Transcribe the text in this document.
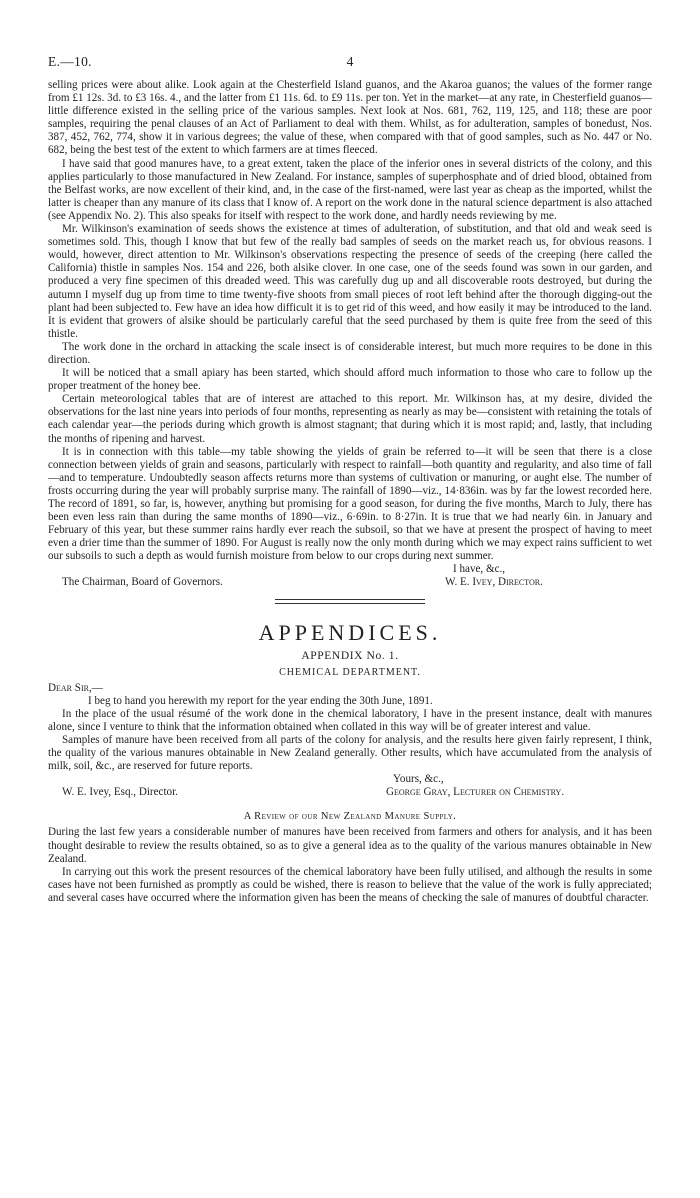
E.—10.	4

selling prices were about alike. Look again at the Chesterfield Island guanos, and the Akaroa guanos; the values of the former range from £1 12s. 3d. to £3 16s. 4., and the latter from £1 11s. 6d. to £9 11s. per ton. Yet in the market—at any rate, in Chesterfield guanos—little difference existed in the selling price of the various samples. Next look at Nos. 681, 762, 119, 125, and 118; these are poor samples, requiring the penal clauses of an Act of Parliament to deal with them. Whilst, as for adulteration, samples of bonedust, Nos. 387, 452, 762, 774, show it in various degrees; the value of these, when compared with that of good samples, such as No. 447 or No. 682, being the best test of the extent to which farmers are at times fleeced.

I have said that good manures have, to a great extent, taken the place of the inferior ones in several districts of the colony, and this applies particularly to those manufactured in New Zealand. For instance, samples of superphosphate and of dried blood, obtained from the Belfast works, are now excellent of their kind, and, in the case of the first-named, were last year as cheap as the imported, whilst the latter is cheaper than any manure of its class that I know of. A report on the work done in the natural science department is also attached (see Appendix No. 2). This also speaks for itself with respect to the work done, and hardly needs reviewing by me.

Mr. Wilkinson's examination of seeds shows the existence at times of adulteration, of substitution, and that old and weak seed is sometimes sold. This, though I know that but few of the really bad samples of seeds on the market reach us, for obvious reasons. I would, however, direct attention to Mr. Wilkinson's observations respecting the presence of seeds of the creeping (here called the California) thistle in samples Nos. 154 and 226, both alsike clover. In one case, one of the seeds found was sown in our garden, and produced a very fine specimen of this dreaded weed. This was carefully dug up and all discoverable roots destroyed, but during the autumn I myself dug up from time to time twenty-five shoots from small pieces of root left behind after the thorough digging-out the plant had been subjected to. Few have an idea how difficult it is to get rid of this weed, and how easily it may be introduced to the land. It is evident that growers of alsike should be particularly careful that the seed purchased by them is quite free from the seed of this thistle.

The work done in the orchard in attacking the scale insect is of considerable interest, but much more requires to be done in this direction.

It will be noticed that a small apiary has been started, which should afford much information to those who care to follow up the proper treatment of the honey bee.

Certain meteorological tables that are of interest are attached to this report. Mr. Wilkinson has, at my desire, divided the observations for the last nine years into periods of four months, representing as nearly as may be—consistent with retaining the totals of each calendar year—the periods during which growth is almost stagnant; that during which it is most rapid; and, lastly, that including the months of ripening and harvest.

It is in connection with this table—my table showing the yields of grain be referred to—it will be seen that there is a close connection between yields of grain and seasons, particularly with respect to rainfall—both quantity and regularity, and also time of fall—and to temperature. Undoubtedly season affects returns more than systems of cultivation or manuring, or aught else. The number of frosts occurring during the year will probably surprise many. The rainfall of 1890—viz., 14·836in. was by far the lowest recorded here. The record of 1891, so far, is, however, anything but promising for a good season, for during the five months, March to July, there has been even less rain than during the same months of 1890—viz., 6·69in. to 8·27in. It is true that we had nearly 6in. in January and February of this year, but these summer rains hardly ever reach the subsoil, so that we have at present the prospect of having to meet even a drier time than the summer of 1890. For August is really now the only month during which we may expect rains sufficient to wet our subsoils to such a depth as would furnish moisture from below to our crops during next summer.

I have, &c.,
The Chairman, Board of Governors.	W. E. Ivey, Director.
APPENDICES.
APPENDIX No. 1.
CHEMICAL DEPARTMENT.

Dear Sir,—

I beg to hand you herewith my report for the year ending the 30th June, 1891.

In the place of the usual résumé of the work done in the chemical laboratory, I have in the present instance, dealt with manures alone, since I venture to think that the information obtained when collated in this way will be of greater interest and value.

Samples of manure have been received from all parts of the colony for analysis, and the results here given fairly represent, I think, the quality of the various manures obtainable in New Zealand generally. Other results, which have accumulated from the analysis of milk, soil, &c., are reserved for future reports.

Yours, &c.,
W. E. Ivey, Esq., Director.	George Gray, Lecturer on Chemistry.
A Review of our New Zealand Manure Supply.

During the last few years a considerable number of manures have been received from farmers and others for analysis, and it has been thought desirable to review the results obtained, so as to give a general idea as to the quality of the various manures obtainable in New Zealand.

In carrying out this work the present resources of the chemical laboratory have been fully utilised, and although the results in some cases have not been furnished as promptly as could be wished, there is reason to believe that the value of the work is fully appreciated; and several cases have occurred where the information given has been the means of checking the sale of manures of doubtful character.
